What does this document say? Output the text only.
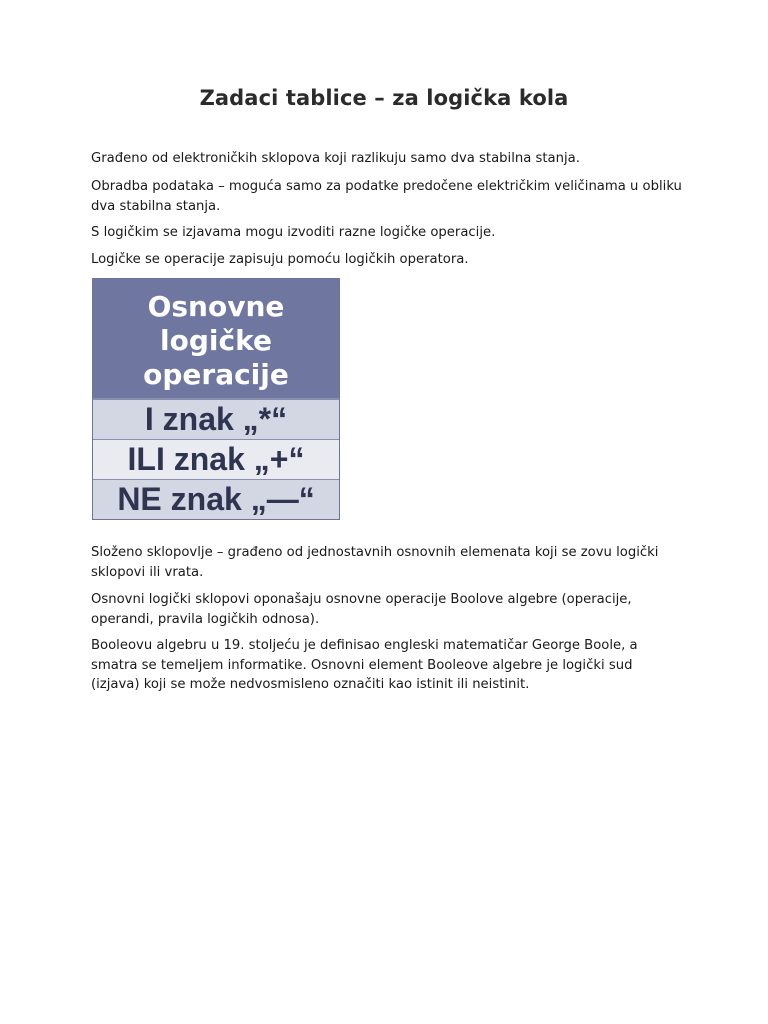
Zadaci tablice – za logička kola

Građeno od elektroničkih sklopova koji razlikuju samo dva stabilna stanja.

Obradba podataka – moguća samo za podatke predočene električkim veličinama u obliku dva stabilna stanja.

S logičkim se izjavama mogu izvoditi razne logičke operacije.

Logičke se operacije zapisuju pomoću logičkih operatora.

Osnovne
logičke
operacije
I znak „*“
ILI znak „+“
NE znak „—“

Složeno sklopovlje – građeno od jednostavnih osnovnih elemenata koji se zovu logički sklopovi ili vrata.

Osnovni logički sklopovi oponašaju osnovne operacije Boolove algebre (operacije, operandi, pravila logičkih odnosa).

Booleovu algebru u 19. stoljeću je definisao engleski matematičar George Boole, a smatra se temeljem informatike. Osnovni element Booleove algebre je logički sud (izjava) koji se može nedvosmisleno označiti kao istinit ili neistinit.
